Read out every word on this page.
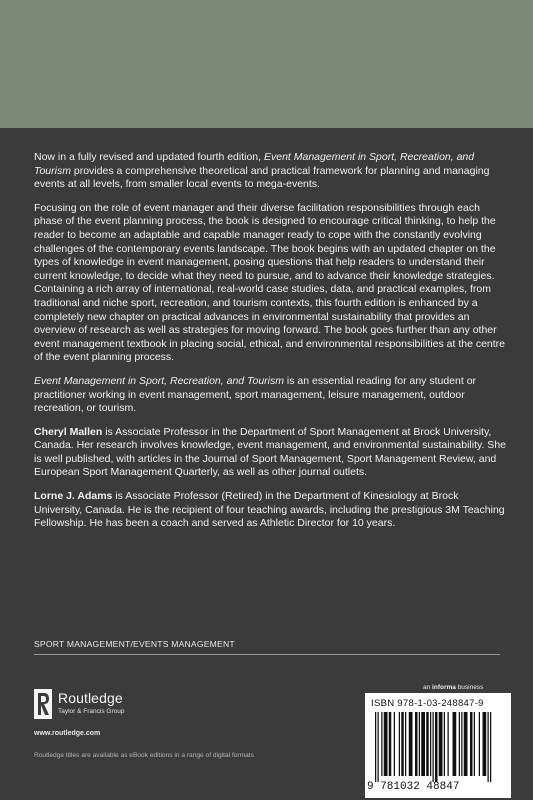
Now in a fully revised and updated fourth edition, Event Management in Sport, Recreation, and Tourism provides a comprehensive theoretical and practical framework for planning and managing events at all levels, from smaller local events to mega-events.

Focusing on the role of event manager and their diverse facilitation responsibilities through each phase of the event planning process, the book is designed to encourage critical thinking, to help the reader to become an adaptable and capable manager ready to cope with the constantly evolving challenges of the contemporary events landscape. The book begins with an updated chapter on the types of knowledge in event management, posing questions that help readers to understand their current knowledge, to decide what they need to pursue, and to advance their knowledge strategies. Containing a rich array of international, real-world case studies, data, and practical examples, from traditional and niche sport, recreation, and tourism contexts, this fourth edition is enhanced by a completely new chapter on practical advances in environmental sustainability that provides an overview of research as well as strategies for moving forward. The book goes further than any other event management textbook in placing social, ethical, and environmental responsibilities at the centre of the event planning process.

Event Management in Sport, Recreation, and Tourism is an essential reading for any student or practitioner working in event management, sport management, leisure management, outdoor recreation, or tourism.

Cheryl Mallen is Associate Professor in the Department of Sport Management at Brock University, Canada. Her research involves knowledge, event management, and environmental sustainability. She is well published, with articles in the Journal of Sport Management, Sport Management Review, and European Sport Management Quarterly, as well as other journal outlets.

Lorne J. Adams is Associate Professor (Retired) in the Department of Kinesiology at Brock University, Canada. He is the recipient of four teaching awards, including the prestigious 3M Teaching Fellowship. He has been a coach and served as Athletic Director for 10 years.

SPORT MANAGEMENT/EVENTS MANAGEMENT
Routledge
Taylor & Francis Group
www.routledge.com
Routledge titles are available as eBook editions in a range of digital formats
an informa business
ISBN 978-1-03-248847-9
9 781032 48847
